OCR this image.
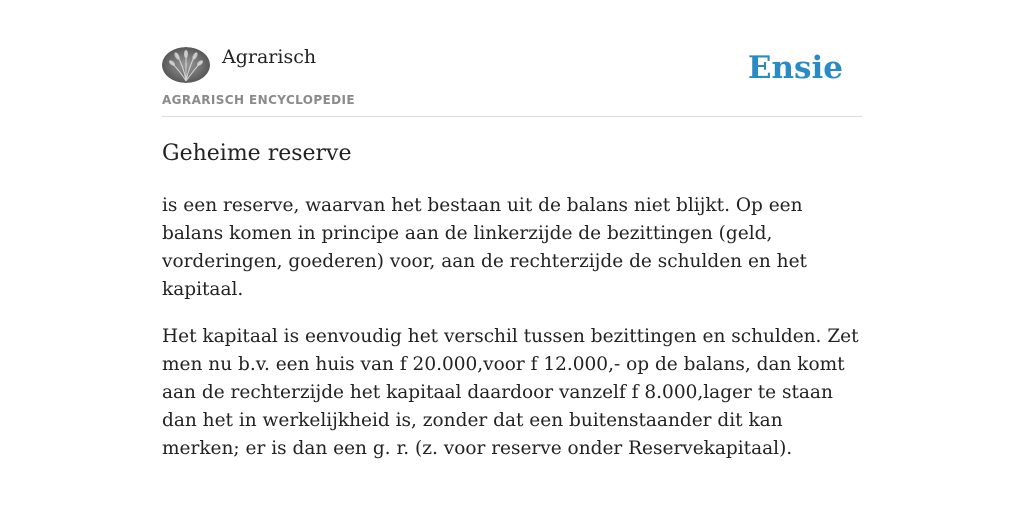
Agrarisch
AGRARISCH ENCYCLOPEDIE
Ensie
Geheime reserve

is een reserve, waarvan het bestaan uit de balans niet blijkt. Op een balans komen in principe aan de linkerzijde de bezittingen (geld, vorderingen, goederen) voor, aan de rechterzijde de schulden en het kapitaal.

Het kapitaal is eenvoudig het verschil tussen bezittingen en schulden. Zet men nu b.v. een huis van f 20.000,voor f 12.000,- op de balans, dan komt aan de rechterzijde het kapitaal daardoor vanzelf f 8.000,lager te staan dan het in werkelijkheid is, zonder dat een buitenstaander dit kan merken; er is dan een g. r. (z. voor reserve onder Reservekapitaal).
